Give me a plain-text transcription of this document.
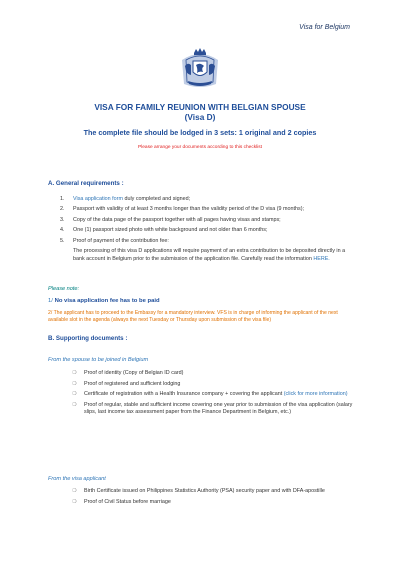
Visa for Belgium
VISA FOR FAMILY REUNION WITH BELGIAN SPOUSE
(Visa D)
The complete file should be lodged in 3 sets: 1 original and 2 copies
Please arrange your documents according to this checklist
A. General requirements :
1. Visa application form duly completed and signed;
2. Passport with validity of at least 3 months longer than the validity period of the D visa (9 months);
3. Copy of the data page of the passport together with all pages having visas and stamps;
4. One (1) passport sized photo with white background and not older than 6 months;
5. Proof of payment of the contribution fee:
The processing of this visa D applications will require payment of an extra contribution to be deposited directly in a bank account in Belgium prior to the submission of the application file. Carefully read the information HERE.
Please note:
1/ No visa application fee has to be paid
2/ The applicant has to proceed to the Embassy for a mandatory interview. VFS is in charge of informing the applicant of the next available slot in the agenda (always the next Tuesday or Thursday upon submission of the visa file)
B. Supporting documents :
From the spouse to be joined in Belgium
❍ Proof of identity (Copy of Belgian ID card)
❍ Proof of registered and sufficient lodging
❍ Certificate of registration with a Health Insurance company + covering the applicant (click for more information)
❍ Proof of regular, stable and sufficient income covering one year prior to submission of the visa application (salary slips, last income tax assessment paper from the Finance Department in Belgium, etc.)
From the visa applicant
❍ Birth Certificate issued on Philippines Statistics Authority (PSA) security paper and with DFA-apostille
❍ Proof of Civil Status before marriage
